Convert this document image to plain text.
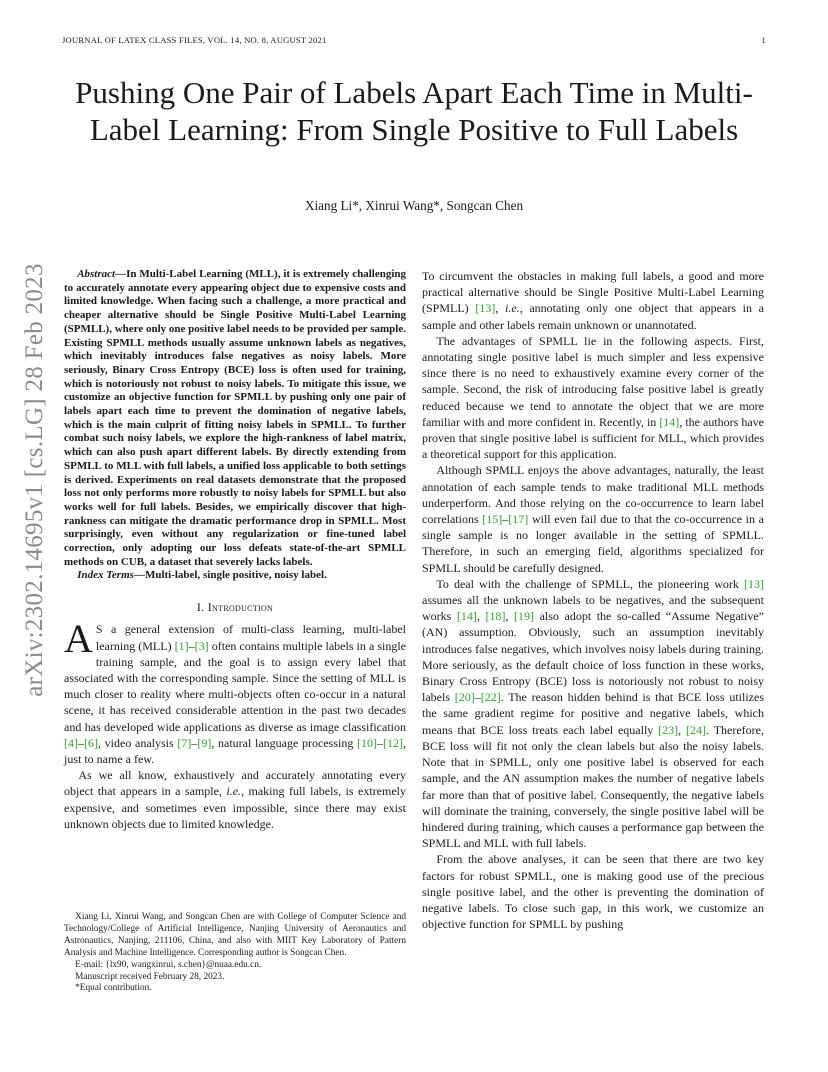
JOURNAL OF LATEX CLASS FILES, VOL. 14, NO. 8, AUGUST 2021	1
arXiv:2302.14695v1 [cs.LG] 28 Feb 2023
Pushing One Pair of Labels Apart Each Time in Multi-Label Learning: From Single Positive to Full Labels
Xiang Li*, Xinrui Wang*, Songcan Chen

Abstract—In Multi-Label Learning (MLL), it is extremely challenging to accurately annotate every appearing object due to expensive costs and limited knowledge. When facing such a challenge, a more practical and cheaper alternative should be Single Positive Multi-Label Learning (SPMLL), where only one positive label needs to be provided per sample. Existing SPMLL methods usually assume unknown labels as negatives, which inevitably introduces false negatives as noisy labels. More seriously, Binary Cross Entropy (BCE) loss is often used for training, which is notoriously not robust to noisy labels. To mitigate this issue, we customize an objective function for SPMLL by pushing only one pair of labels apart each time to prevent the domination of negative labels, which is the main culprit of fitting noisy labels in SPMLL. To further combat such noisy labels, we explore the high-rankness of label matrix, which can also push apart different labels. By directly extending from SPMLL to MLL with full labels, a unified loss applicable to both settings is derived. Experiments on real datasets demonstrate that the proposed loss not only performs more robustly to noisy labels for SPMLL but also works well for full labels. Besides, we empirically discover that high-rankness can mitigate the dramatic performance drop in SPMLL. Most surprisingly, even without any regularization or fine-tuned label correction, only adopting our loss defeats state-of-the-art SPMLL methods on CUB, a dataset that severely lacks labels.

Index Terms—Multi-label, single positive, noisy label.

I. Introduction

A S a general extension of multi-class learning, multi-label learning (MLL) [1]–[3] often contains multiple labels in a single training sample, and the goal is to assign every label that associated with the corresponding sample. Since the setting of MLL is much closer to reality where multi-objects often co-occur in a natural scene, it has received considerable attention in the past two decades and has developed wide applications as diverse as image classification [4]–[6], video analysis [7]–[9], natural language processing [10]–[12], just to name a few.

As we all know, exhaustively and accurately annotating every object that appears in a sample, i.e., making full labels, is extremely expensive, and sometimes even impossible, since there may exist unknown objects due to limited knowledge.

Xiang Li, Xinrui Wang, and Songcan Chen are with College of Computer Science and Technology/College of Artificial Intelligence, Nanjing University of Aeronautics and Astronautics, Nanjing, 211106, China, and also with MIIT Key Laboratory of Pattern Analysis and Machine Intelligence. Corresponding author is Songcan Chen.

E-mail: {lx90, wangxinrui, s.chen}@nuaa.edu.cn.

Manuscript received February 28, 2023.

*Equal contribution.

To circumvent the obstacles in making full labels, a good and more practical alternative should be Single Positive Multi-Label Learning (SPMLL) [13], i.e., annotating only one object that appears in a sample and other labels remain unknown or unannotated.

The advantages of SPMLL lie in the following aspects. First, annotating single positive label is much simpler and less expensive since there is no need to exhaustively examine every corner of the sample. Second, the risk of introducing false positive label is greatly reduced because we tend to annotate the object that we are more familiar with and more confident in. Recently, in [14], the authors have proven that single positive label is sufficient for MLL, which provides a theoretical support for this application.

Although SPMLL enjoys the above advantages, naturally, the least annotation of each sample tends to make traditional MLL methods underperform. And those relying on the co-occurrence to learn label correlations [15]–[17] will even fail due to that the co-occurrence in a single sample is no longer available in the setting of SPMLL. Therefore, in such an emerging field, algorithms specialized for SPMLL should be carefully designed.

To deal with the challenge of SPMLL, the pioneering work [13] assumes all the unknown labels to be negatives, and the subsequent works [14], [18], [19] also adopt the so-called “Assume Negative” (AN) assumption. Obviously, such an assumption inevitably introduces false negatives, which involves noisy labels during training. More seriously, as the default choice of loss function in these works, Binary Cross Entropy (BCE) loss is notoriously not robust to noisy labels [20]–[22]. The reason hidden behind is that BCE loss utilizes the same gradient regime for positive and negative labels, which means that BCE loss treats each label equally [23], [24]. Therefore, BCE loss will fit not only the clean labels but also the noisy labels. Note that in SPMLL, only one positive label is observed for each sample, and the AN assumption makes the number of negative labels far more than that of positive label. Consequently, the negative labels will dominate the training, conversely, the single positive label will be hindered during training, which causes a performance gap between the SPMLL and MLL with full labels.

From the above analyses, it can be seen that there are two key factors for robust SPMLL, one is making good use of the precious single positive label, and the other is preventing the domination of negative labels. To close such gap, in this work, we customize an objective function for SPMLL by pushing
